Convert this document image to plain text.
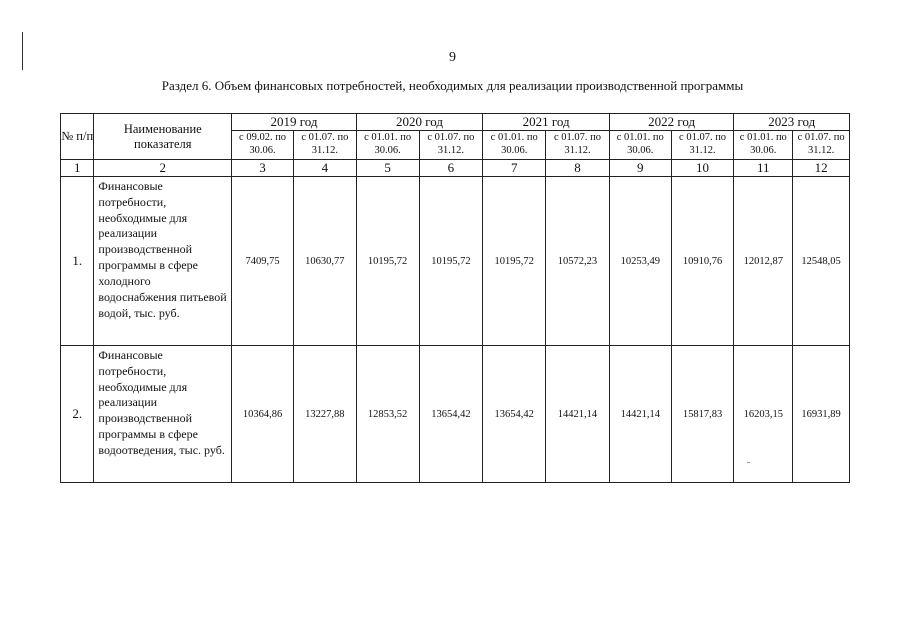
9
Раздел 6. Объем финансовых потребностей, необходимых для реализации производственной программы
№ п/п	Наименование показателя	2019 год		2020 год		2021 год		2022 год		2023 год	
		с 09.02. по 30.06.	с 01.07. по 31.12.	с 01.01. по 30.06.	с 01.07. по 31.12.	с 01.01. по 30.06.	с 01.07. по 31.12.	с 01.01. по 30.06.	с 01.07. по 31.12.	с 01.01. по 30.06.	с 01.07. по 31.12.
1	2	3	4	5	6	7	8	9	10	11	12
1.	Финансовые потребности, необходимые для реализации производственной программы в сфере холодного водоснабжения питьевой водой, тыс. руб.	7409,75	10630,77	10195,72	10195,72	10195,72	10572,23	10253,49	10910,76	12012,87	12548,05
2.	Финансовые потребности, необходимые для реализации производственной программы в сфере водоотведения, тыс. руб.	10364,86	13227,88	12853,52	13654,42	13654,42	14421,14	14421,14	15817,83	16203,15	16931,89
